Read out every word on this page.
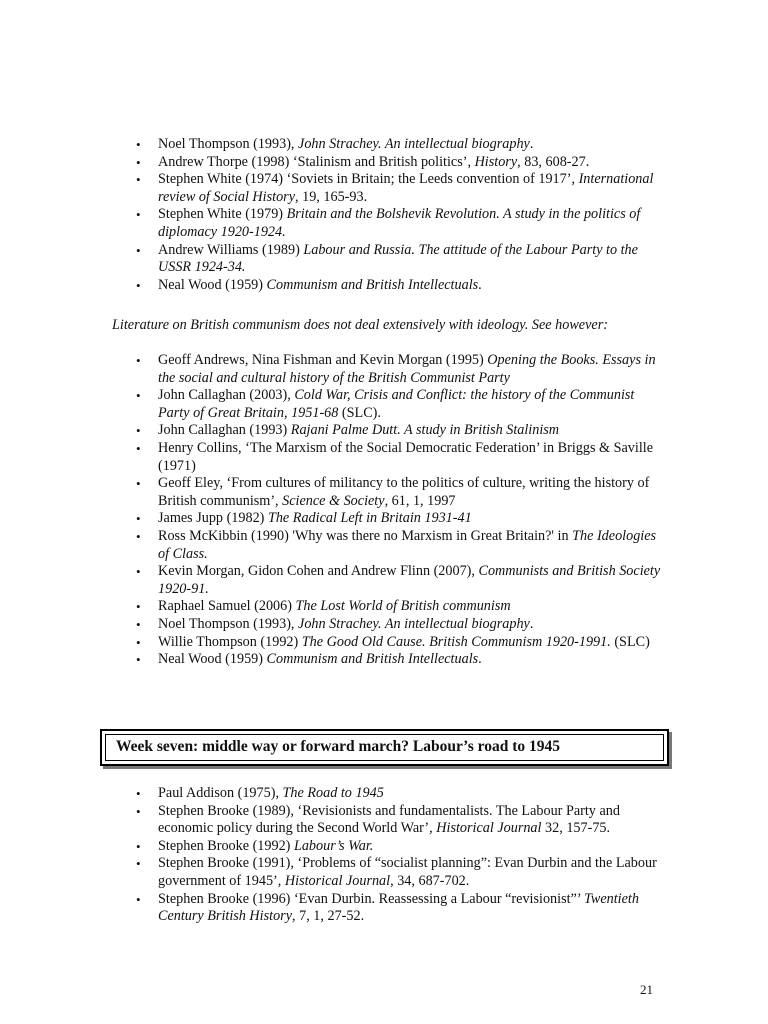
• Noel Thompson (1993), John Strachey. An intellectual biography.
• Andrew Thorpe (1998) ‘Stalinism and British politics’, History, 83, 608-27.
• Stephen White (1974) ‘Soviets in Britain; the Leeds convention of 1917’, International review of Social History, 19, 165-93.
• Stephen White (1979) Britain and the Bolshevik Revolution. A study in the politics of diplomacy 1920-1924.
• Andrew Williams (1989) Labour and Russia. The attitude of the Labour Party to the USSR 1924-34.
• Neal Wood (1959) Communism and British Intellectuals.
Literature on British communism does not deal extensively with ideology. See however:
• Geoff Andrews, Nina Fishman and Kevin Morgan (1995) Opening the Books. Essays in the social and cultural history of the British Communist Party
• John Callaghan (2003), Cold War, Crisis and Conflict: the history of the Communist Party of Great Britain, 1951-68 (SLC).
• John Callaghan (1993) Rajani Palme Dutt. A study in British Stalinism
• Henry Collins, ‘The Marxism of the Social Democratic Federation’ in Briggs & Saville (1971)
• Geoff Eley, ‘From cultures of militancy to the politics of culture, writing the history of British communism’, Science & Society, 61, 1, 1997
• James Jupp (1982) The Radical Left in Britain 1931-41
• Ross McKibbin (1990) 'Why was there no Marxism in Great Britain?' in The Ideologies of Class.
• Kevin Morgan, Gidon Cohen and Andrew Flinn (2007), Communists and British Society 1920-91.
• Raphael Samuel (2006) The Lost World of British communism
• Noel Thompson (1993), John Strachey. An intellectual biography.
• Willie Thompson (1992) The Good Old Cause. British Communism 1920-1991. (SLC)
• Neal Wood (1959) Communism and British Intellectuals.
Week seven: middle way or forward march? Labour’s road to 1945
• Paul Addison (1975), The Road to 1945
• Stephen Brooke (1989), ‘Revisionists and fundamentalists. The Labour Party and economic policy during the Second World War’, Historical Journal 32, 157-75.
• Stephen Brooke (1992) Labour’s War.
• Stephen Brooke (1991), ‘Problems of “socialist planning”: Evan Durbin and the Labour government of 1945’, Historical Journal, 34, 687-702.
• Stephen Brooke (1996) ‘Evan Durbin. Reassessing a Labour “revisionist”’ Twentieth Century British History, 7, 1, 27-52.
21
